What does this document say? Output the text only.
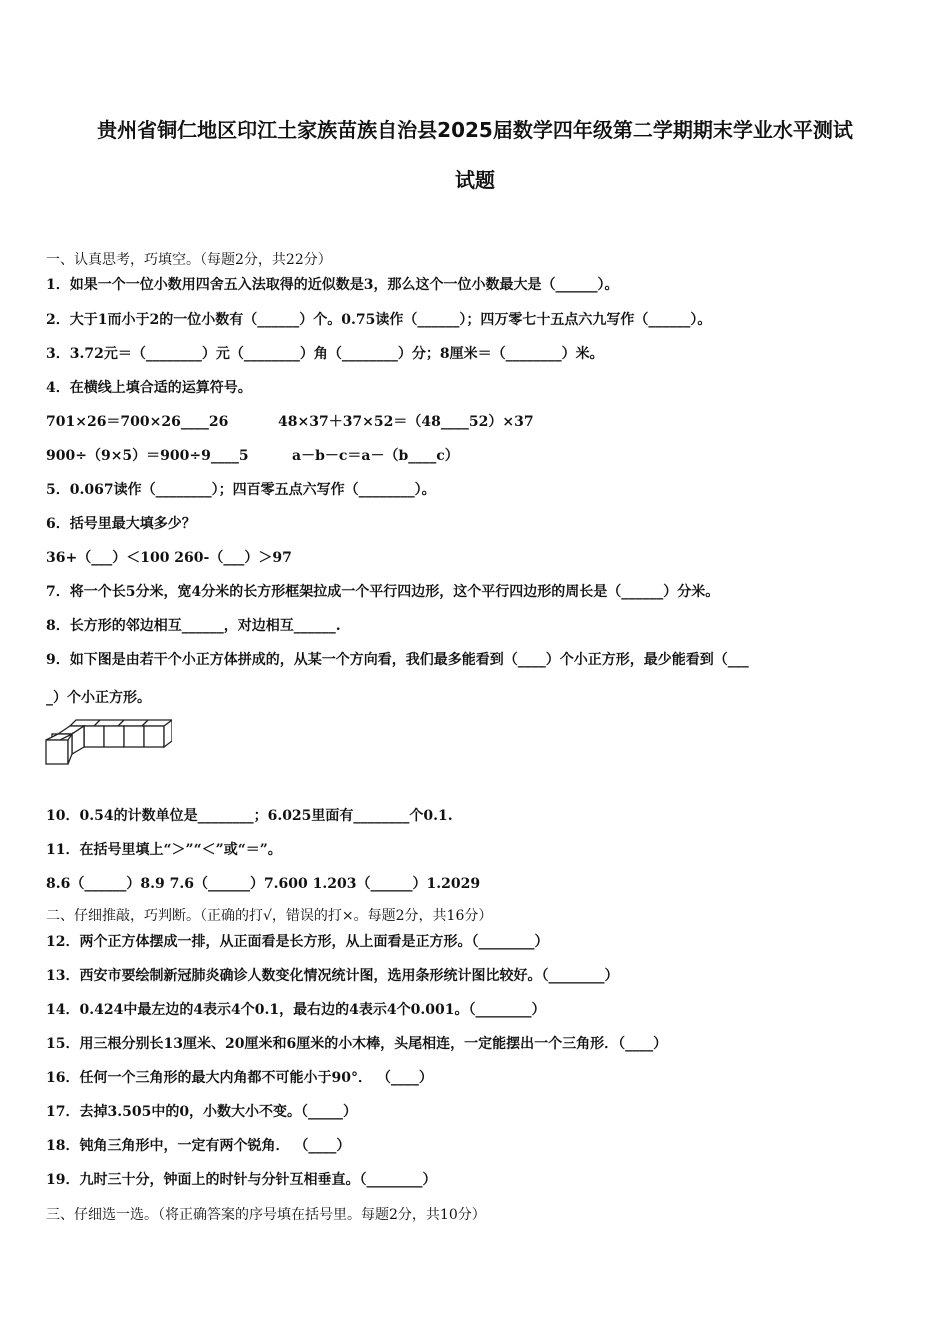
贵州省铜仁地区印江土家族苗族自治县2025届数学四年级第二学期期末学业水平测试
试题
一、认真思考，巧填空。（每题2分，共22分）
1．如果一个一位小数用四舍五入法取得的近似数是3，那么这个一位小数最大是（______）。
2．大于1而小于2的一位小数有（______）个。0.75读作（______）；四万零七十五点六九写作（______）。
3．3.72元＝（________）元（________）角（________）分；8厘米＝（________）米。
4．在横线上填合适的运算符号。
701×26＝700×26____26	48×37＋37×52＝（48____52）×37
900÷（9×5）＝900÷9____5	a－b－c＝a－（b____c）
5．0.067读作（________）；四百零五点六写作（________）。
6．括号里最大填多少？
36+（___）＜100 260-（___）＞97
7．将一个长5分米，宽4分米的长方形框架拉成一个平行四边形，这个平行四边形的周长是（______）分米。
8．长方形的邻边相互______，对边相互______.
9．如下图是由若干个小正方体拼成的，从某一个方向看，我们最多能看到（____）个小正方形，最少能看到（___
_）个小正方形。
10．0.54的计数单位是________；6.025里面有________个0.1.
11．在括号里填上“＞”“＜”或“＝”。
8.6（______）8.9 7.6（______）7.600 1.203（______）1.2029
二、仔细推敲，巧判断。（正确的打√，错误的打×。每题2分，共16分）
12．两个正方体摆成一排，从正面看是长方形，从上面看是正方形。（________）
13．西安市要绘制新冠肺炎确诊人数变化情况统计图，选用条形统计图比较好。（________）
14．0.424中最左边的4表示4个0.1，最右边的4表示4个0.001。（________）
15．用三根分别长13厘米、20厘米和6厘米的小木棒，头尾相连，一定能摆出一个三角形．（____）
16．任何一个三角形的最大内角都不可能小于90°． （____）
17．去掉3.505中的0，小数大小不变。（_____）
18．钝角三角形中，一定有两个锐角． （____）
19．九时三十分，钟面上的时针与分针互相垂直。（________）
三、仔细选一选。（将正确答案的序号填在括号里。每题2分，共10分）
